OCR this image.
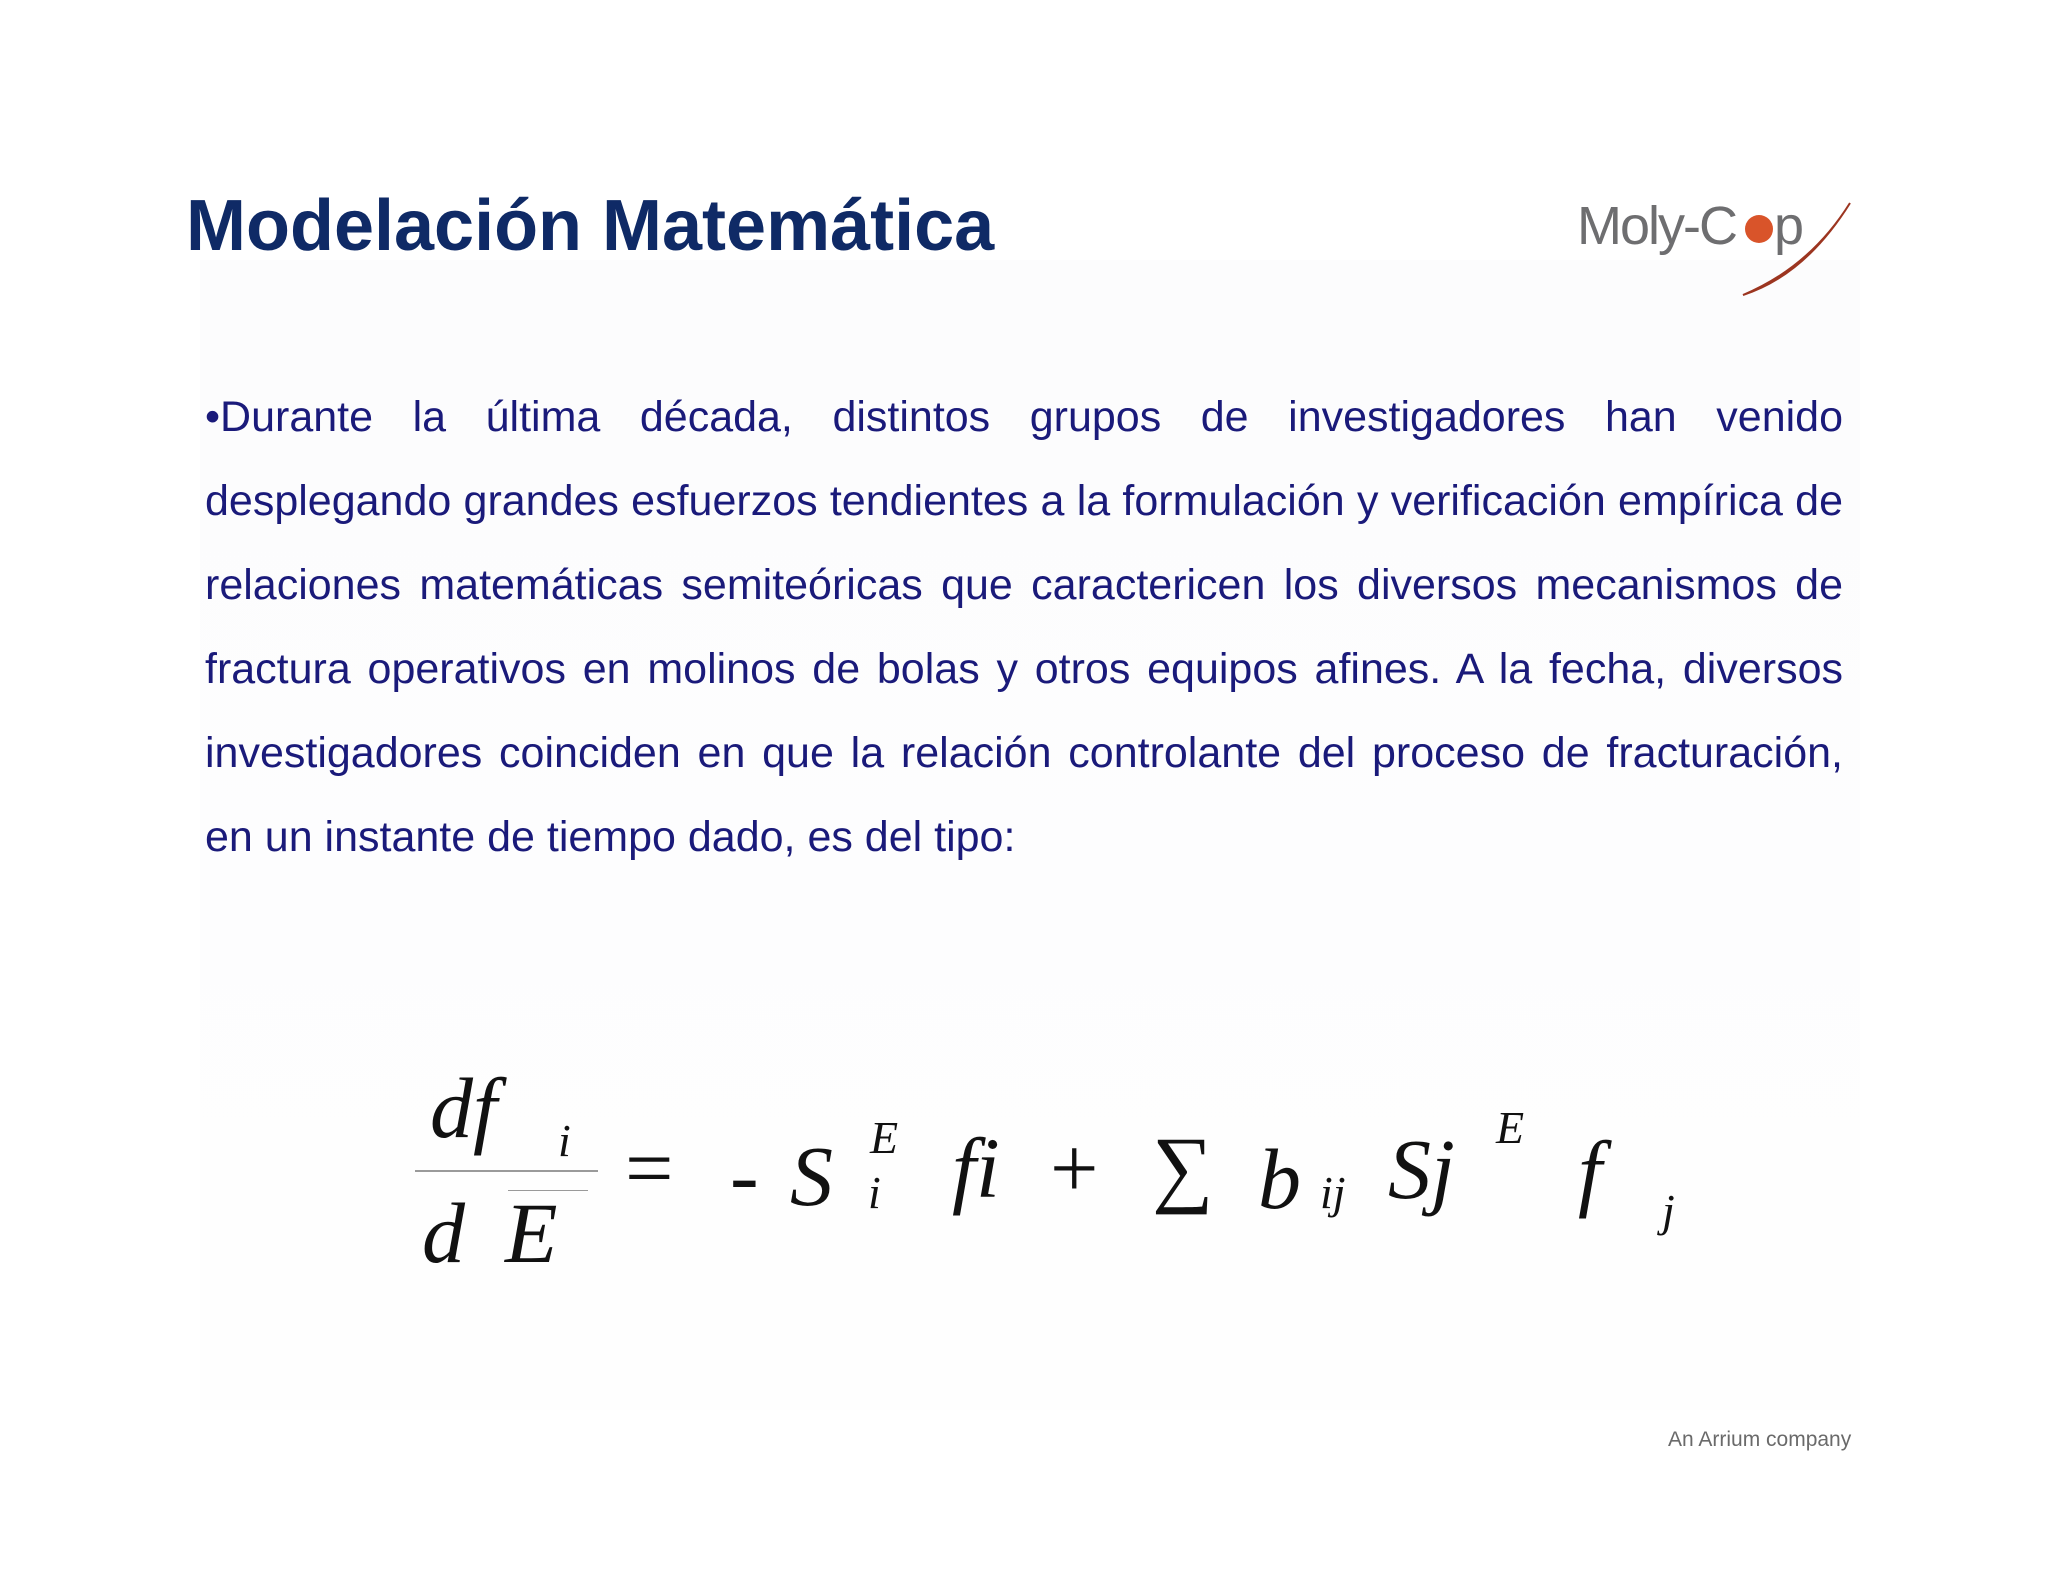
Modelación Matemática	Moly-C p

•Durante la última década, distintos grupos de investigadores han venido desplegando grandes esfuerzos tendientes a la formulación y verificación empírica de relaciones matemáticas semiteóricas que caractericen los diversos mecanismos de fractura operativos en molinos de bolas y otros equipos afines. A la fecha, diversos investigadores coinciden en que la relación controlante del proceso de fracturación, en un instante de tiempo dado, es del tipo:

df i
d E
= - S E
i fi + ∑ b ij Sj E f j
An Arrium company
